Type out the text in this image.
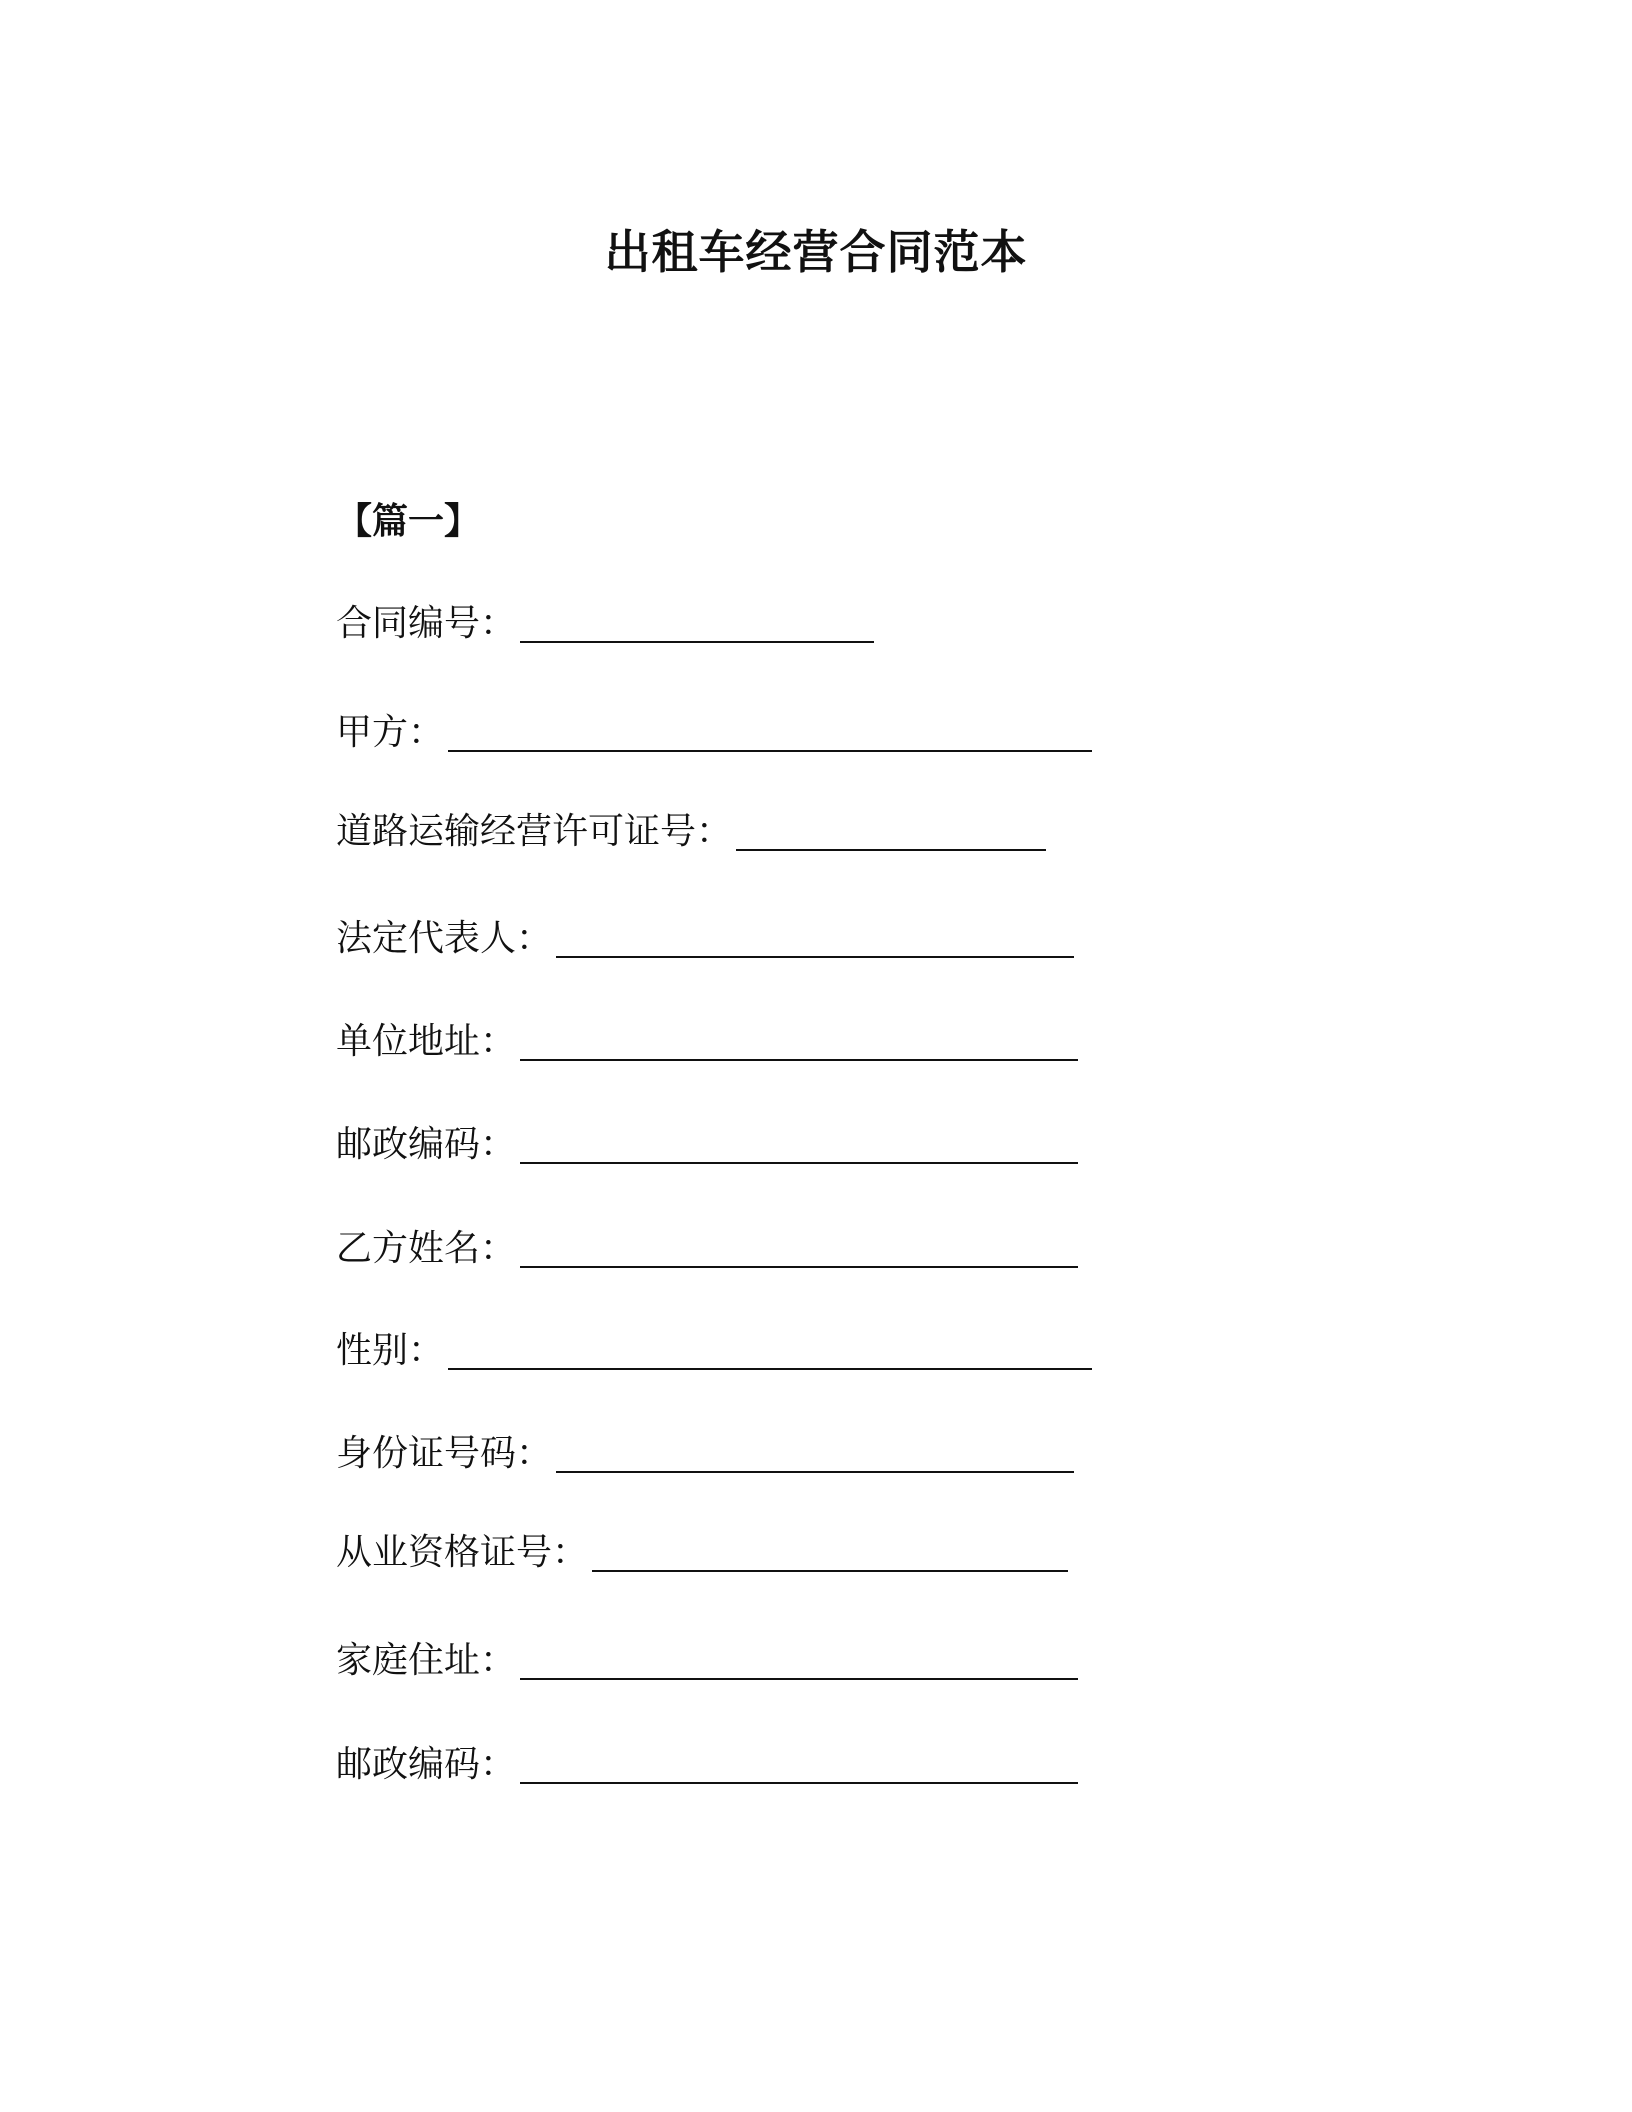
出租车经营合同范本
【篇一】
合同编号：
甲方：
道路运输经营许可证号：
法定代表人：
单位地址：
邮政编码：
乙方姓名：
性别：
身份证号码：
从业资格证号：
家庭住址：
邮政编码：
